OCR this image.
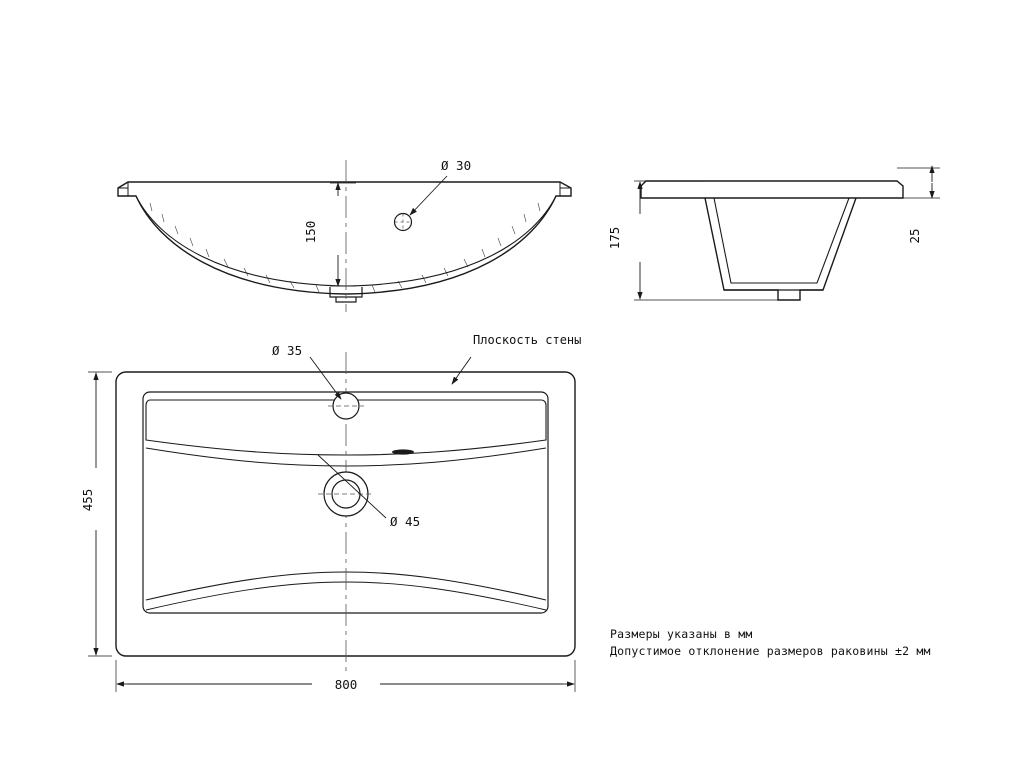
150
Ø 30
175	25
455
800
Ø 35
Ø 45
Плоскость стены
Размеры указаны в мм
Допустимое отклонение размеров раковины ±2 мм
